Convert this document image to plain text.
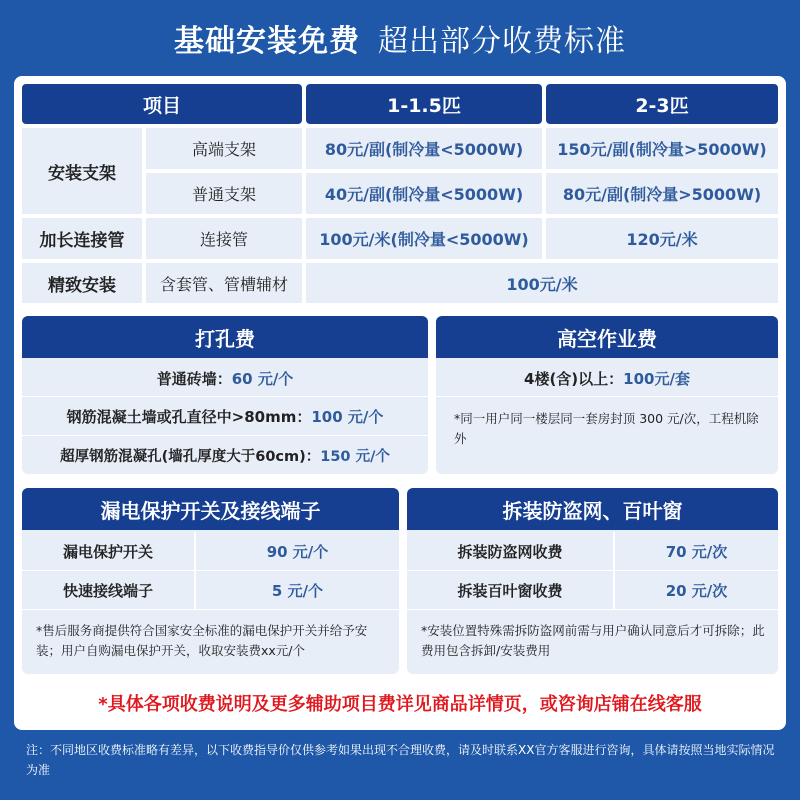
基础安装免费 超出部分收费标准
项目	1-1.5匹	2-3匹
安装支架
高端支架	80元/副(制冷量<5000W)	150元/副(制冷量>5000W)
普通支架	40元/副(制冷量<5000W)	80元/副(制冷量>5000W)
加长连接管	连接管	100元/米(制冷量<5000W)	120元/米
精致安装	含套管、管槽辅材	100元/米
打孔费
普通砖墙： 60 元/个
钢筋混凝土墙或孔直径中>80mm： 100 元/个
超厚钢筋混凝孔(墙孔厚度大于60cm)： 150 元/个
高空作业费
4楼(含)以上： 100元/套
*同一用户同一楼层同一套房封顶 300 元/次，工程机除外
漏电保护开关及接线端子
漏电保护开关	90 元/个
快速接线端子	5 元/个
*售后服务商提供符合国家安全标准的漏电保护开关并给予安装；用户自购漏电保护开关，收取安装费xx元/个
拆装防盗网、百叶窗
拆装防盗网收费	70 元/次
拆装百叶窗收费	20 元/次
*安装位置特殊需拆防盗网前需与用户确认同意后才可拆除；此费用包含拆卸/安装费用
*具体各项收费说明及更多辅助项目费详见商品详情页，或咨询店铺在线客服
注：不同地区收费标准略有差异，以下收费指导价仅供参考如果出现不合理收费，请及时联系XX官方客服进行咨询，具体请按照当地实际情况为准
